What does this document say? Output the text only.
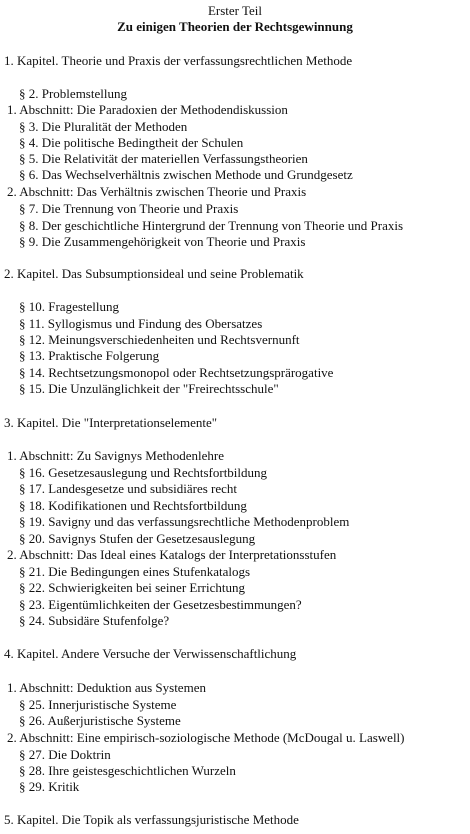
Erster Teil
Zu einigen Theorien der Rechtsgewinnung
1. Kapitel. Theorie und Praxis der verfassungsrechtlichen Methode
§ 2. Problemstellung
1. Abschnitt: Die Paradoxien der Methodendiskussion
§ 3. Die Pluralität der Methoden
§ 4. Die politische Bedingtheit der Schulen
§ 5. Die Relativität der materiellen Verfassungstheorien
§ 6. Das Wechselverhältnis zwischen Methode und Grundgesetz
2. Abschnitt: Das Verhältnis zwischen Theorie und Praxis
§ 7. Die Trennung von Theorie und Praxis
§ 8. Der geschichtliche Hintergrund der Trennung von Theorie und Praxis
§ 9. Die Zusammengehörigkeit von Theorie und Praxis
2. Kapitel. Das Subsumptionsideal und seine Problematik
§ 10. Fragestellung
§ 11. Syllogismus und Findung des Obersatzes
§ 12. Meinungsverschiedenheiten und Rechtsvernunft
§ 13. Praktische Folgerung
§ 14. Rechtsetzungsmonopol oder Rechtsetzungsprärogative
§ 15. Die Unzulänglichkeit der "Freirechtsschule"
3. Kapitel. Die "Interpretationselemente"
1. Abschnitt: Zu Savignys Methodenlehre
§ 16. Gesetzesauslegung und Rechtsfortbildung
§ 17. Landesgesetze und subsidiäres recht
§ 18. Kodifikationen und Rechtsfortbildung
§ 19. Savigny und das verfassungsrechtliche Methodenproblem
§ 20. Savignys Stufen der Gesetzesauslegung
2. Abschnitt: Das Ideal eines Katalogs der Interpretationsstufen
§ 21. Die Bedingungen eines Stufenkatalogs
§ 22. Schwierigkeiten bei seiner Errichtung
§ 23. Eigentümlichkeiten der Gesetzesbestimmungen?
§ 24. Subsidäre Stufenfolge?
4. Kapitel. Andere Versuche der Verwissenschaftlichung
1. Abschnitt: Deduktion aus Systemen
§ 25. Innerjuristische Systeme
§ 26. Außerjuristische Systeme
2. Abschnitt: Eine empirisch-soziologische Methode (McDougal u. Laswell)
§ 27. Die Doktrin
§ 28. Ihre geistesgeschichtlichen Wurzeln
§ 29. Kritik
5. Kapitel. Die Topik als verfassungsjuristische Methode
